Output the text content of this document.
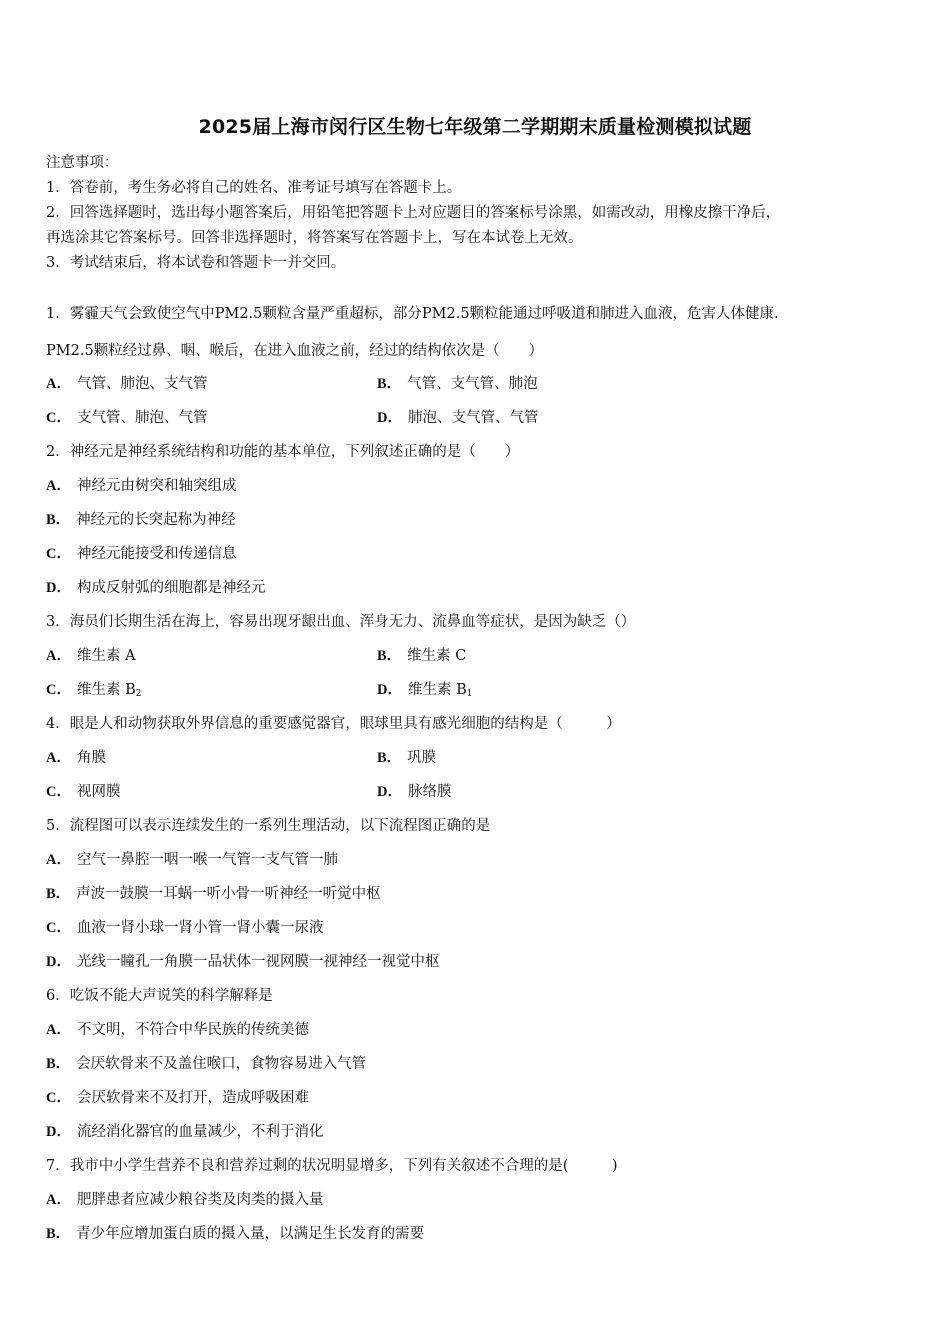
2025届上海市闵行区生物七年级第二学期期末质量检测模拟试题
注意事项：
1．答卷前，考生务必将自己的姓名、准考证号填写在答题卡上。
2．回答选择题时，选出每小题答案后，用铅笔把答题卡上对应题目的答案标号涂黑，如需改动，用橡皮擦干净后，
再选涂其它答案标号。回答非选择题时，将答案写在答题卡上，写在本试卷上无效。
3．考试结束后，将本试卷和答题卡一并交回。
1．雾霾天气会致使空气中PM2.5颗粒含量严重超标，部分PM2.5颗粒能通过呼吸道和肺进入血液，危害人体健康.
PM2.5颗粒经过鼻、咽、喉后，在进入血液之前，经过的结构依次是（　　）
A． 气管、肺泡、支气管	B． 气管、支气管、肺泡
C． 支气管、肺泡、气管	D． 肺泡、支气管、气管
2．神经元是神经系统结构和功能的基本单位，下列叙述正确的是（　　）
A． 神经元由树突和轴突组成
B． 神经元的长突起称为神经
C． 神经元能接受和传递信息
D． 构成反射弧的细胞都是神经元
3．海员们长期生活在海上，容易出现牙龈出血、浑身无力、流鼻血等症状，是因为缺乏（）
A． 维生素 A	B． 维生素 C
C． 维生素 $B_2$	D． 维生素 $B_1$
4．眼是人和动物获取外界信息的重要感觉器官，眼球里具有感光细胞的结构是（　　　）
A． 角膜	B． 巩膜
C． 视网膜	D． 脉络膜
5．流程图可以表示连续发生的一系列生理活动，以下流程图正确的是
A． 空气一鼻腔一咽一喉一气管一支气管一肺
B． 声波一鼓膜一耳蜗一听小骨一听神经一听觉中枢
C． 血液一肾小球一肾小管一肾小囊一尿液
D． 光线一瞳孔一角膜一品状体一视网膜一视神经一视觉中枢
6．吃饭不能大声说笑的科学解释是
A． 不文明，不符合中华民族的传统美德
B． 会厌软骨来不及盖住喉口，食物容易进入气管
C． 会厌软骨来不及打开，造成呼吸困难
D． 流经消化器官的血量减少，不利于消化
7．我市中小学生营养不良和营养过剩的状况明显增多，下列有关叙述不合理的是(　　　)
A． 肥胖患者应减少粮谷类及肉类的摄入量
B． 青少年应增加蛋白质的摄入量，以满足生长发育的需要
